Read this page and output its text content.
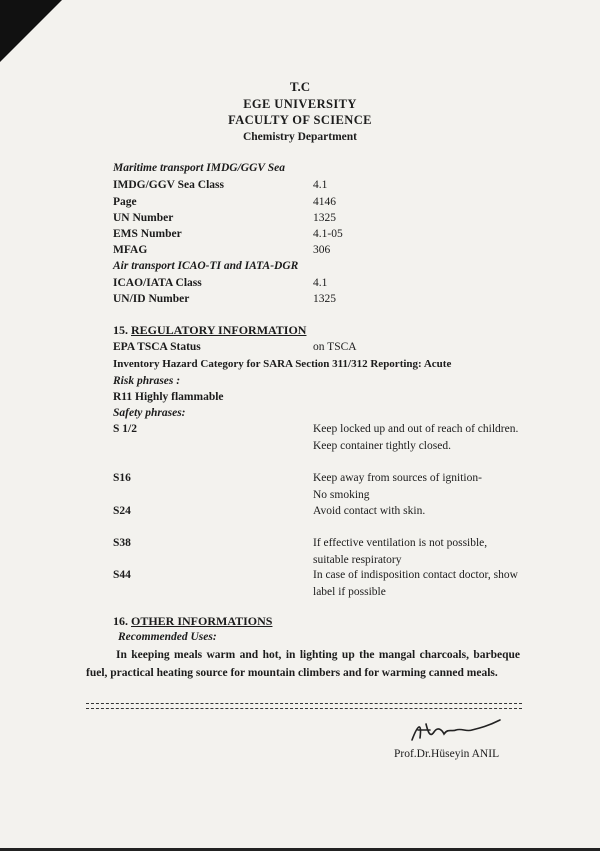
T.C
EGE UNIVERSITY
FACULTY OF SCIENCE
Chemistry Department
Maritime transport IMDG/GGV Sea
IMDG/GGV Sea Class	4.1
Page	4146
UN Number	1325
EMS Number	4.1-05
MFAG	306
Air transport ICAO-TI and IATA-DGR
ICAO/IATA Class	4.1
UN/ID Number	1325
15. REGULATORY INFORMATION
EPA TSCA Status	on TSCA
Inventory Hazard Category for SARA Section 311/312 Reporting: Acute
Risk phrases :
R11 Highly flammable
Safety phrases:
S 1/2	Keep locked up and out of reach of children. Keep container tightly closed.
S16	Keep away from sources of ignition-No smoking
S24	Avoid contact with skin.
S38	If effective ventilation is not possible, suitable respiratory
S44	In case of indisposition contact doctor, show label if possible
16. OTHER INFORMATIONS
Recommended Uses:
In keeping meals warm and hot, in lighting up the mangal charcoals, barbeque fuel, practical heating source for mountain climbers and for warming canned meals.
Prof.Dr.Hüseyin ANIL
